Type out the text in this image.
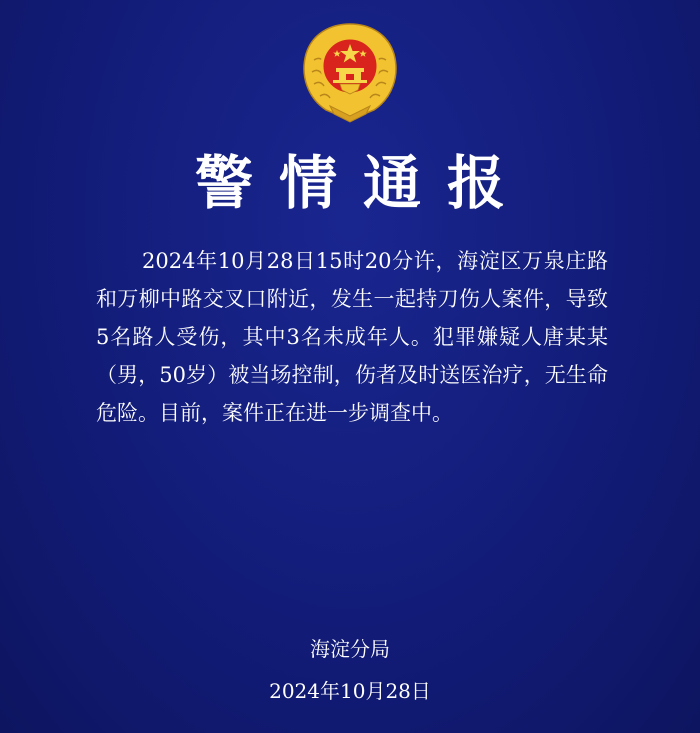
警情通报

2024年10月28日15时20分许，海淀区万泉庄路和万柳中路交叉口附近，发生一起持刀伤人案件，导致5名路人受伤，其中3名未成年人。犯罪嫌疑人唐某某（男，50岁）被当场控制，伤者及时送医治疗，无生命危险。目前，案件正在进一步调查中。

海淀分局
2024年10月28日
